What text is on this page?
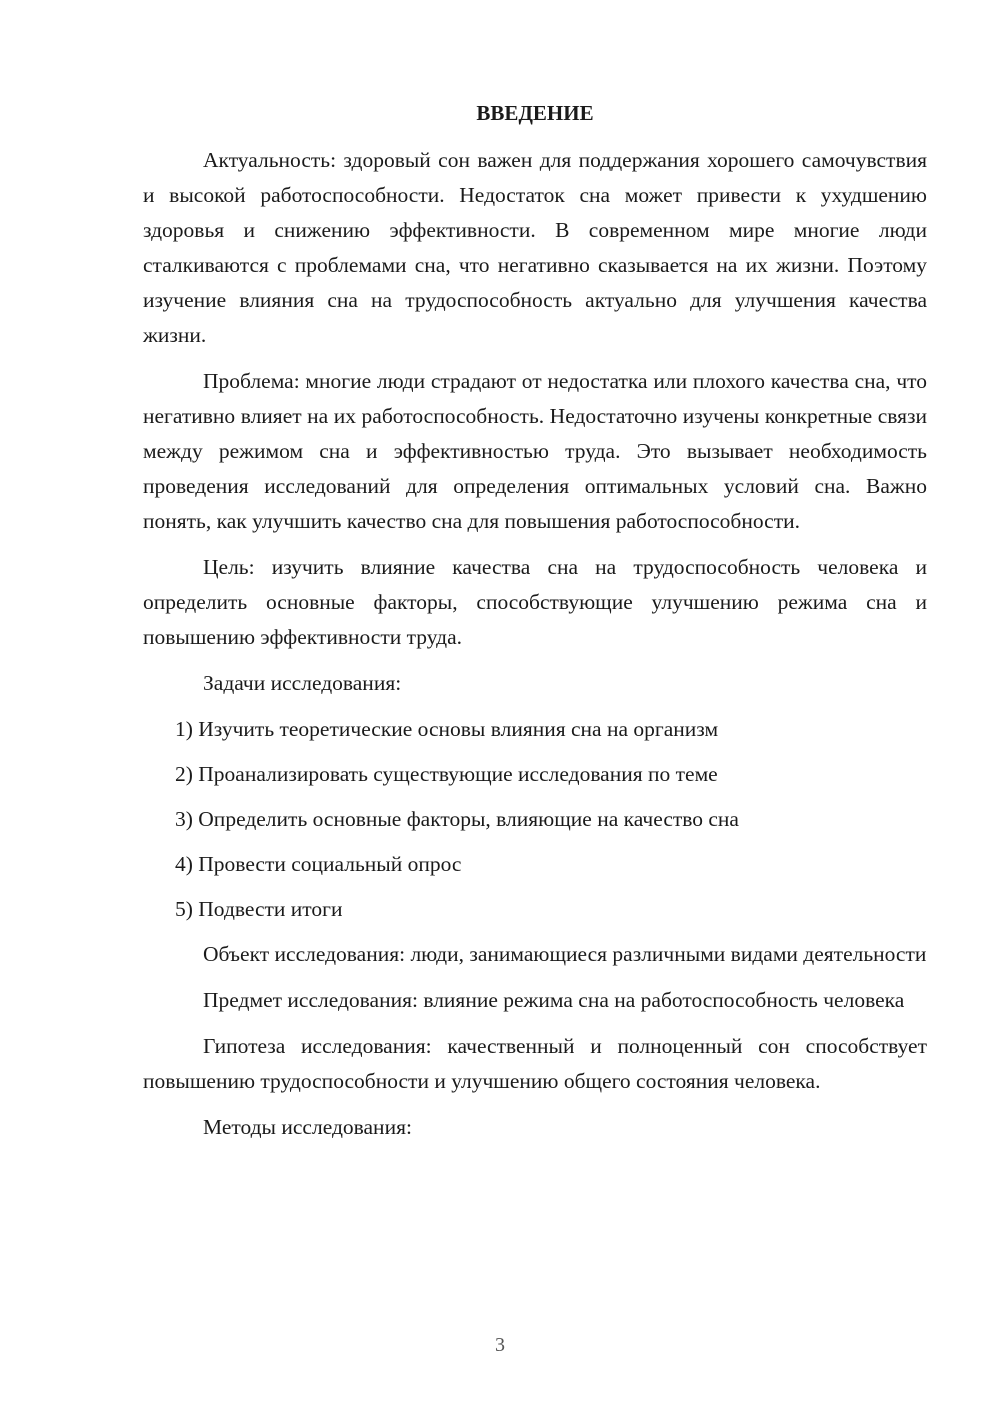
ВВЕДЕНИЕ

Актуальность: здоровый сон важен для поддержания хорошего самочувствия и высокой работоспособности. Недостаток сна может привести к ухудшению здоровья и снижению эффективности. В современном мире многие люди сталкиваются с проблемами сна, что негативно сказывается на их жизни. Поэтому изучение влияния сна на трудоспособность актуально для улучшения качества жизни.

Проблема: многие люди страдают от недостатка или плохого качества сна, что негативно влияет на их работоспособность. Недостаточно изучены конкретные связи между режимом сна и эффективностью труда. Это вызывает необходимость проведения исследований для определения оптимальных условий сна. Важно понять, как улучшить качество сна для повышения работоспособности.

Цель: изучить влияние качества сна на трудоспособность человека и определить основные факторы, способствующие улучшению режима сна и повышению эффективности труда.

Задачи исследования:

1) Изучить теоретические основы влияния сна на организм
2) Проанализировать существующие исследования по теме
3) Определить основные факторы, влияющие на качество сна
4) Провести социальный опрос
5) Подвести итоги

Объект исследования: люди, занимающиеся различными видами деятельности

Предмет исследования: влияние режима сна на работоспособность человека

Гипотеза исследования: качественный и полноценный сон способствует повышению трудоспособности и улучшению общего состояния человека.

Методы исследования:

3
